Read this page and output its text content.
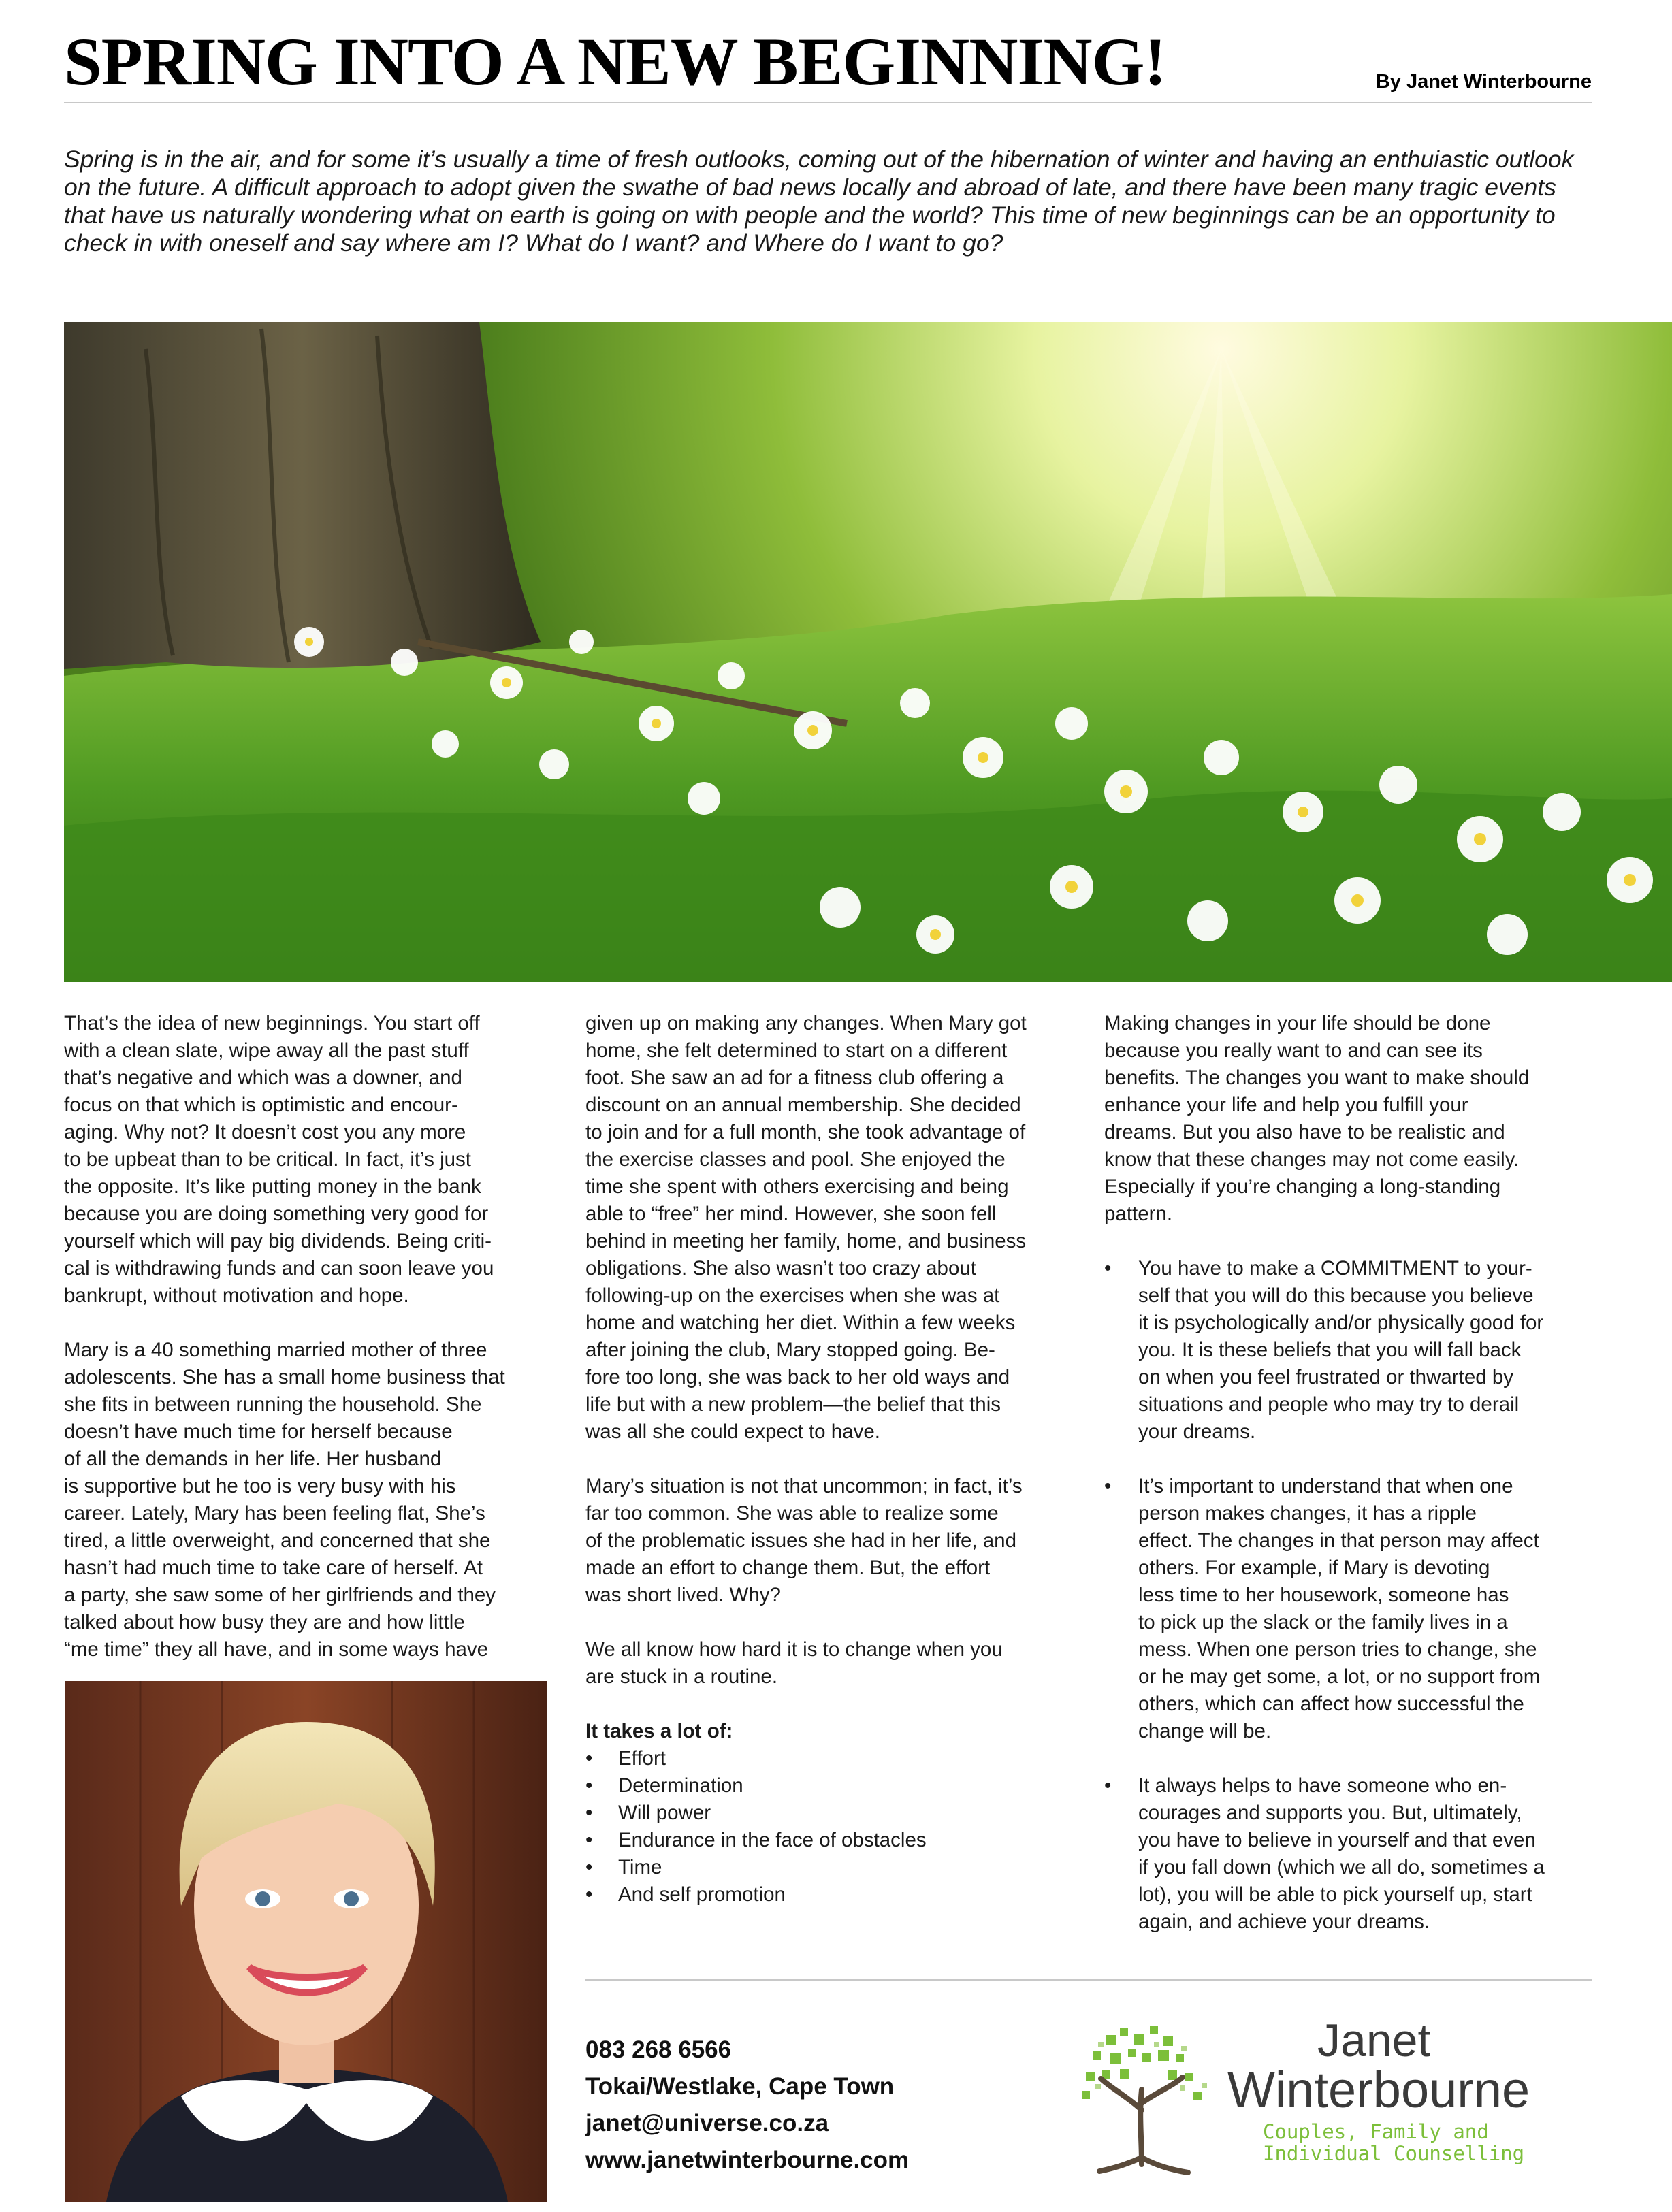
SPRING INTO A NEW BEGINNING!	By Janet Winterbourne

Spring is in the air, and for some it’s usually a time of fresh outlooks, coming out of the hibernation of winter and having an enthuiastic outlook on the future. A difficult approach to adopt given the swathe of bad news locally and abroad of late, and there have been many tragic events that have us naturally wondering what on earth is going on with people and the world? This time of new beginnings can be an opportunity to check in with oneself and say where am I? What do I want? and Where do I want to go?

That’s the idea of new beginnings. You start off
with a clean slate, wipe away all the past stuff
that’s negative and which was a downer, and
focus on that which is optimistic and encour-
aging. Why not? It doesn’t cost you any more
to be upbeat than to be critical. In fact, it’s just
the opposite. It’s like putting money in the bank
because you are doing something very good for
yourself which will pay big dividends. Being criti-
cal is withdrawing funds and can soon leave you
bankrupt, without motivation and hope.

Mary is a 40 something married mother of three
adolescents. She has a small home business that
she fits in between running the household. She
doesn’t have much time for herself because
of all the demands in her life. Her husband
is supportive but he too is very busy with his
career. Lately, Mary has been feeling flat, She’s
tired, a little overweight, and concerned that she
hasn’t had much time to take care of herself. At
a party, she saw some of her girlfriends and they
talked about how busy they are and how little
“me time” they all have, and in some ways have

given up on making any changes. When Mary got
home, she felt determined to start on a different
foot. She saw an ad for a fitness club offering a
discount on an annual membership. She decided
to join and for a full month, she took advantage of
the exercise classes and pool. She enjoyed the
time she spent with others exercising and being
able to “free” her mind. However, she soon fell
behind in meeting her family, home, and business
obligations. She also wasn’t too crazy about
following-up on the exercises when she was at
home and watching her diet. Within a few weeks
after joining the club, Mary stopped going. Be-
fore too long, she was back to her old ways and
life but with a new problem—the belief that this
was all she could expect to have.

Mary’s situation is not that uncommon; in fact, it’s
far too common. She was able to realize some
of the problematic issues she had in her life, and
made an effort to change them. But, the effort
was short lived. Why?

We all know how hard it is to change when you
are stuck in a routine.

It takes a lot of:
• Effort
• Determination
• Will power
• Endurance in the face of obstacles
• Time
• And self promotion

Making changes in your life should be done
because you really want to and can see its
benefits. The changes you want to make should
enhance your life and help you fulfill your
dreams. But you also have to be realistic and
know that these changes may not come easily.
Especially if you’re changing a long-standing
pattern.

• You have to make a COMMITMENT to your-
self that you will do this because you believe
it is psychologically and/or physically good for
you. It is these beliefs that you will fall back
on when you feel frustrated or thwarted by
situations and people who may try to derail
your dreams.
• It’s important to understand that when one
person makes changes, it has a ripple
effect. The changes in that person may affect
others. For example, if Mary is devoting
less time to her housework, someone has
to pick up the slack or the family lives in a
mess. When one person tries to change, she
or he may get some, a lot, or no support from
others, which can affect how successful the
change will be.
• It always helps to have someone who en-
courages and supports you. But, ultimately,
you have to believe in yourself and that even
if you fall down (which we all do, sometimes a
lot), you will be able to pick yourself up, start
again, and achieve your dreams.
083 268 6566
Tokai/Westlake, Cape Town
janet@universe.co.za
www.janetwinterbourne.com
Janet
Winterbourne
Couples, Family and
Individual Counselling
